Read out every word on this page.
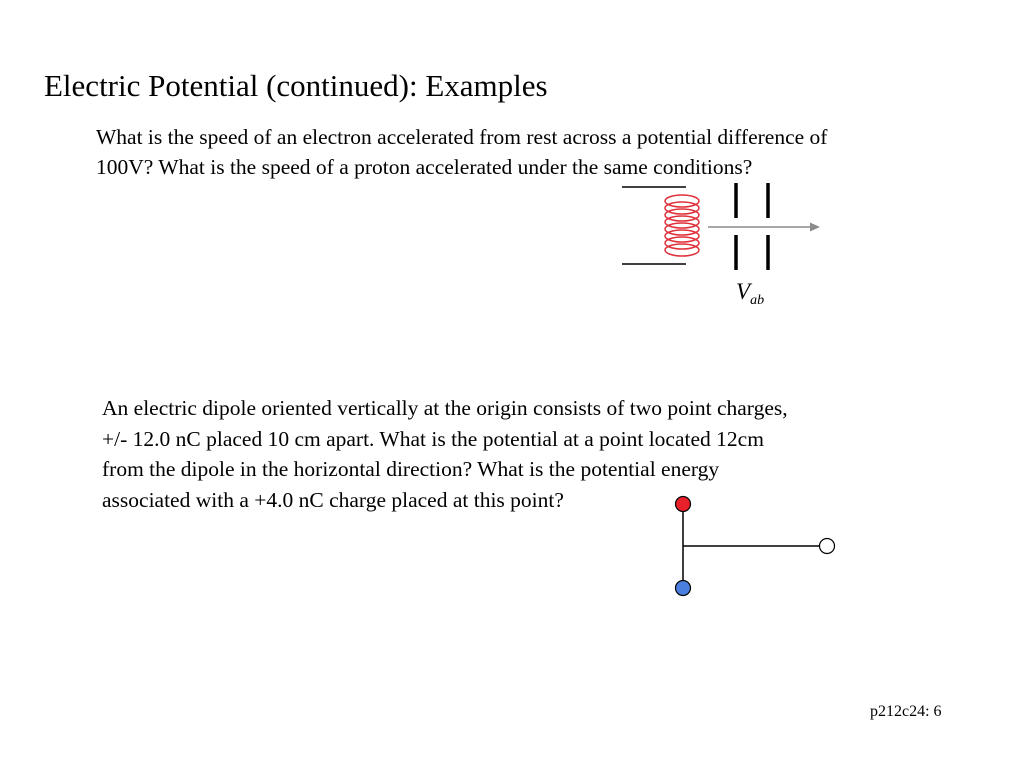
Electric Potential (continued): Examples

What is the speed of an electron accelerated from rest across a potential difference of
100V? What is the speed of a proton accelerated under the same conditions?

$V_{ab}$

An electric dipole oriented vertically at the origin consists of two point charges,
+/- 12.0 nC placed 10 cm apart. What is the potential at a point located 12cm
from the dipole in the horizontal direction? What is the potential energy
associated with a +4.0 nC charge placed at this point?

p212c24: 6
